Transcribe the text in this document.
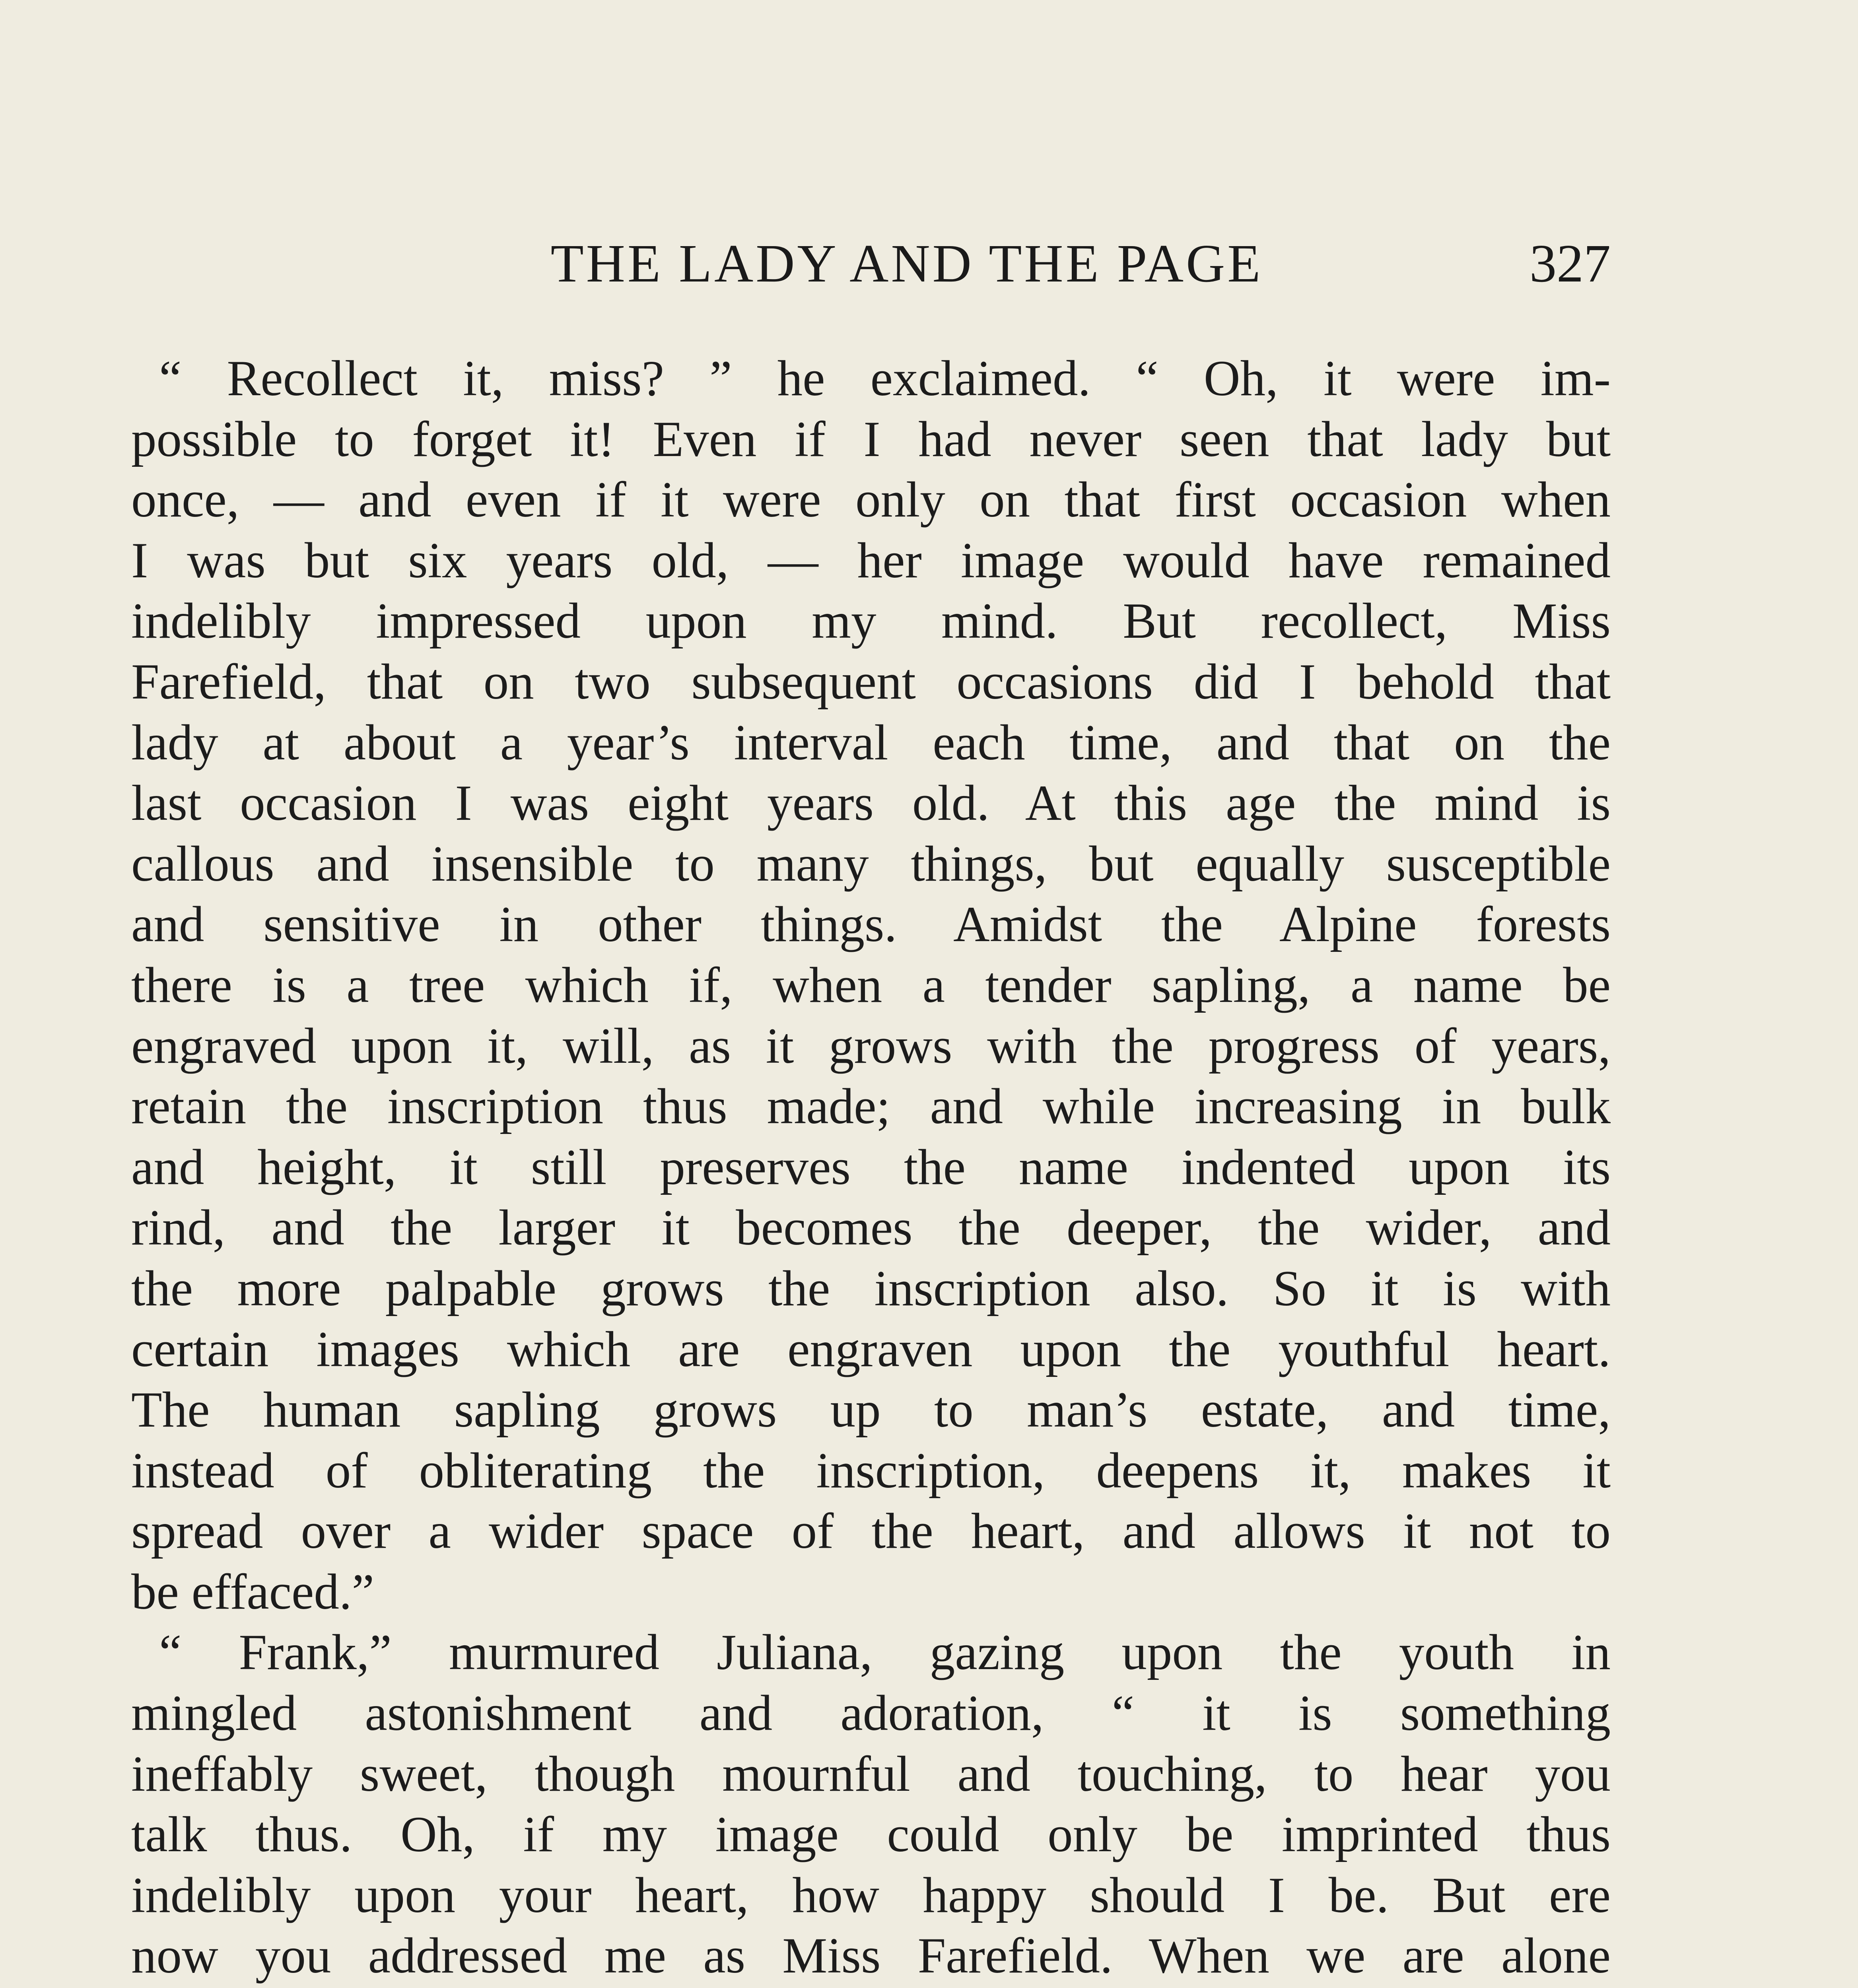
THE LADY AND THE PAGE	327
“ Recollect it, miss? ” he exclaimed. “ Oh, it were im-
possible to forget it! Even if I had never seen that lady but
once, — and even if it were only on that first occasion when
I was but six years old, — her image would have remained
indelibly impressed upon my mind. But recollect, Miss
Farefield, that on two subsequent occasions did I behold that
lady at about a year’s interval each time, and that on the
last occasion I was eight years old. At this age the mind is
callous and insensible to many things, but equally susceptible
and sensitive in other things. Amidst the Alpine forests
there is a tree which if, when a tender sapling, a name be
engraved upon it, will, as it grows with the progress of years,
retain the inscription thus made; and while increasing in bulk
and height, it still preserves the name indented upon its
rind, and the larger it becomes the deeper, the wider, and
the more palpable grows the inscription also. So it is with
certain images which are engraven upon the youthful heart.
The human sapling grows up to man’s estate, and time,
instead of obliterating the inscription, deepens it, makes it
spread over a wider space of the heart, and allows it not to
be effaced.”
“ Frank,” murmured Juliana, gazing upon the youth in
mingled astonishment and adoration, “ it is something
ineffably sweet, though mournful and touching, to hear you
talk thus. Oh, if my image could only be imprinted thus
indelibly upon your heart, how happy should I be. But ere
now you addressed me as Miss Farefield. When we are alone
